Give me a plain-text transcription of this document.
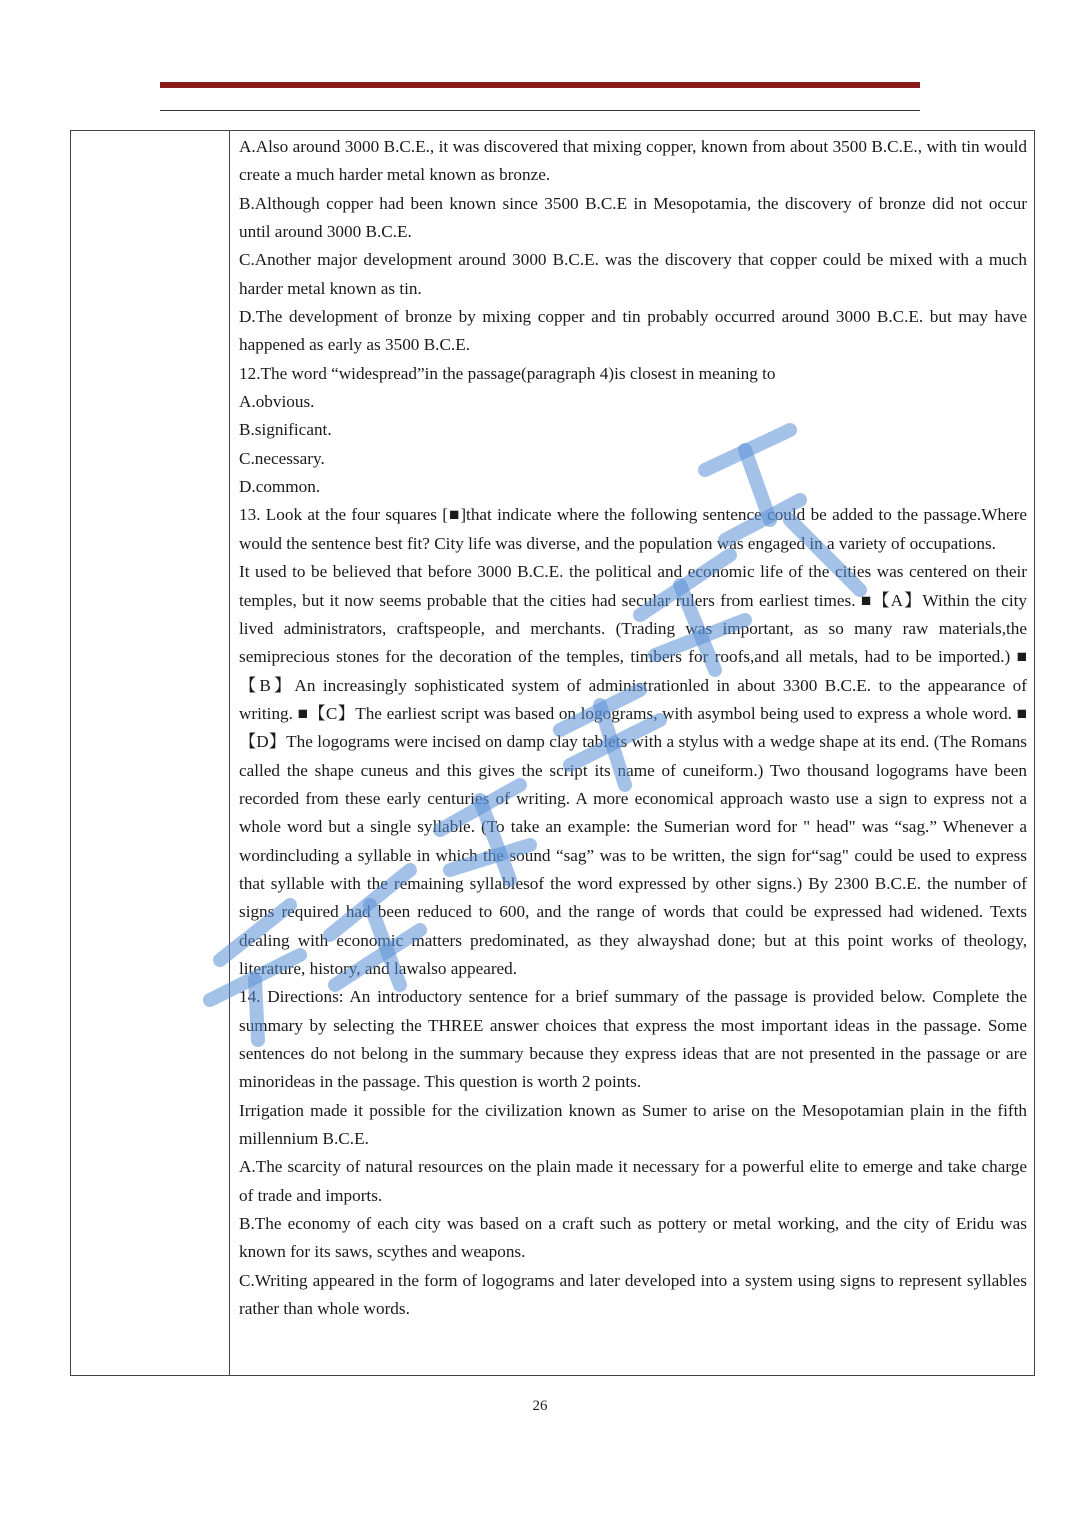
A.Also around 3000 B.C.E., it was discovered that mixing copper, known from about 3500 B.C.E., with tin would create a much harder metal known as bronze.

B.Although copper had been known since 3500 B.C.E in Mesopotamia, the discovery of bronze did not occur until around 3000 B.C.E.

C.Another major development around 3000 B.C.E. was the discovery that copper could be mixed with a much harder metal known as tin.

D.The development of bronze by mixing copper and tin probably occurred around 3000 B.C.E. but may have happened as early as 3500 B.C.E.

12.The word “widespread”in the passage(paragraph 4)is closest in meaning to

A.obvious.

B.significant.

C.necessary.

D.common.

13. Look at the four squares [■]that indicate where the following sentence could be added to the passage.Where would the sentence best fit? City life was diverse, and the population was engaged in a variety of occupations.

It used to be believed that before 3000 B.C.E. the political and economic life of the cities was centered on their temples, but it now seems probable that the cities had secular rulers from earliest times. ■【A】Within the city lived administrators, craftspeople, and merchants. (Trading was important, as so many raw materials,the semiprecious stones for the decoration of the temples, timbers for roofs,and all metals, had to be imported.) ■【B】An increasingly sophisticated system of administrationled in about 3300 B.C.E. to the appearance of writing. ■【C】The earliest script was based on logograms, with asymbol being used to express a whole word. ■【D】The logograms were incised on damp clay tablets with a stylus with a wedge shape at its end. (The Romans called the shape cuneus and this gives the script its name of cuneiform.) Two thousand logograms have been recorded from these early centuries of writing. A more economical approach wasto use a sign to express not a whole word but a single syllable. (To take an example: the Sumerian word for " head" was “sag.” Whenever a wordincluding a syllable in which the sound “sag” was to be written, the sign for“sag" could be used to express that syllable with the remaining syllablesof the word expressed by other signs.) By 2300 B.C.E. the number of signs required had been reduced to 600, and the range of words that could be expressed had widened. Texts dealing with economic matters predominated, as they alwayshad done; but at this point works of theology, literature, history, and lawalso appeared.

14. Directions: An introductory sentence for a brief summary of the passage is provided below. Complete the summary by selecting the THREE answer choices that express the most important ideas in the passage. Some sentences do not belong in the summary because they express ideas that are not presented in the passage or are minorideas in the passage. This question is worth 2 points.

Irrigation made it possible for the civilization known as Sumer to arise on the Mesopotamian plain in the fifth millennium B.C.E.

A.The scarcity of natural resources on the plain made it necessary for a powerful elite to emerge and take charge of trade and imports.

B.The economy of each city was based on a craft such as pottery or metal working, and the city of Eridu was known for its saws, scythes and weapons.

C.Writing appeared in the form of logograms and later developed into a system using signs to represent syllables rather than whole words.

26
